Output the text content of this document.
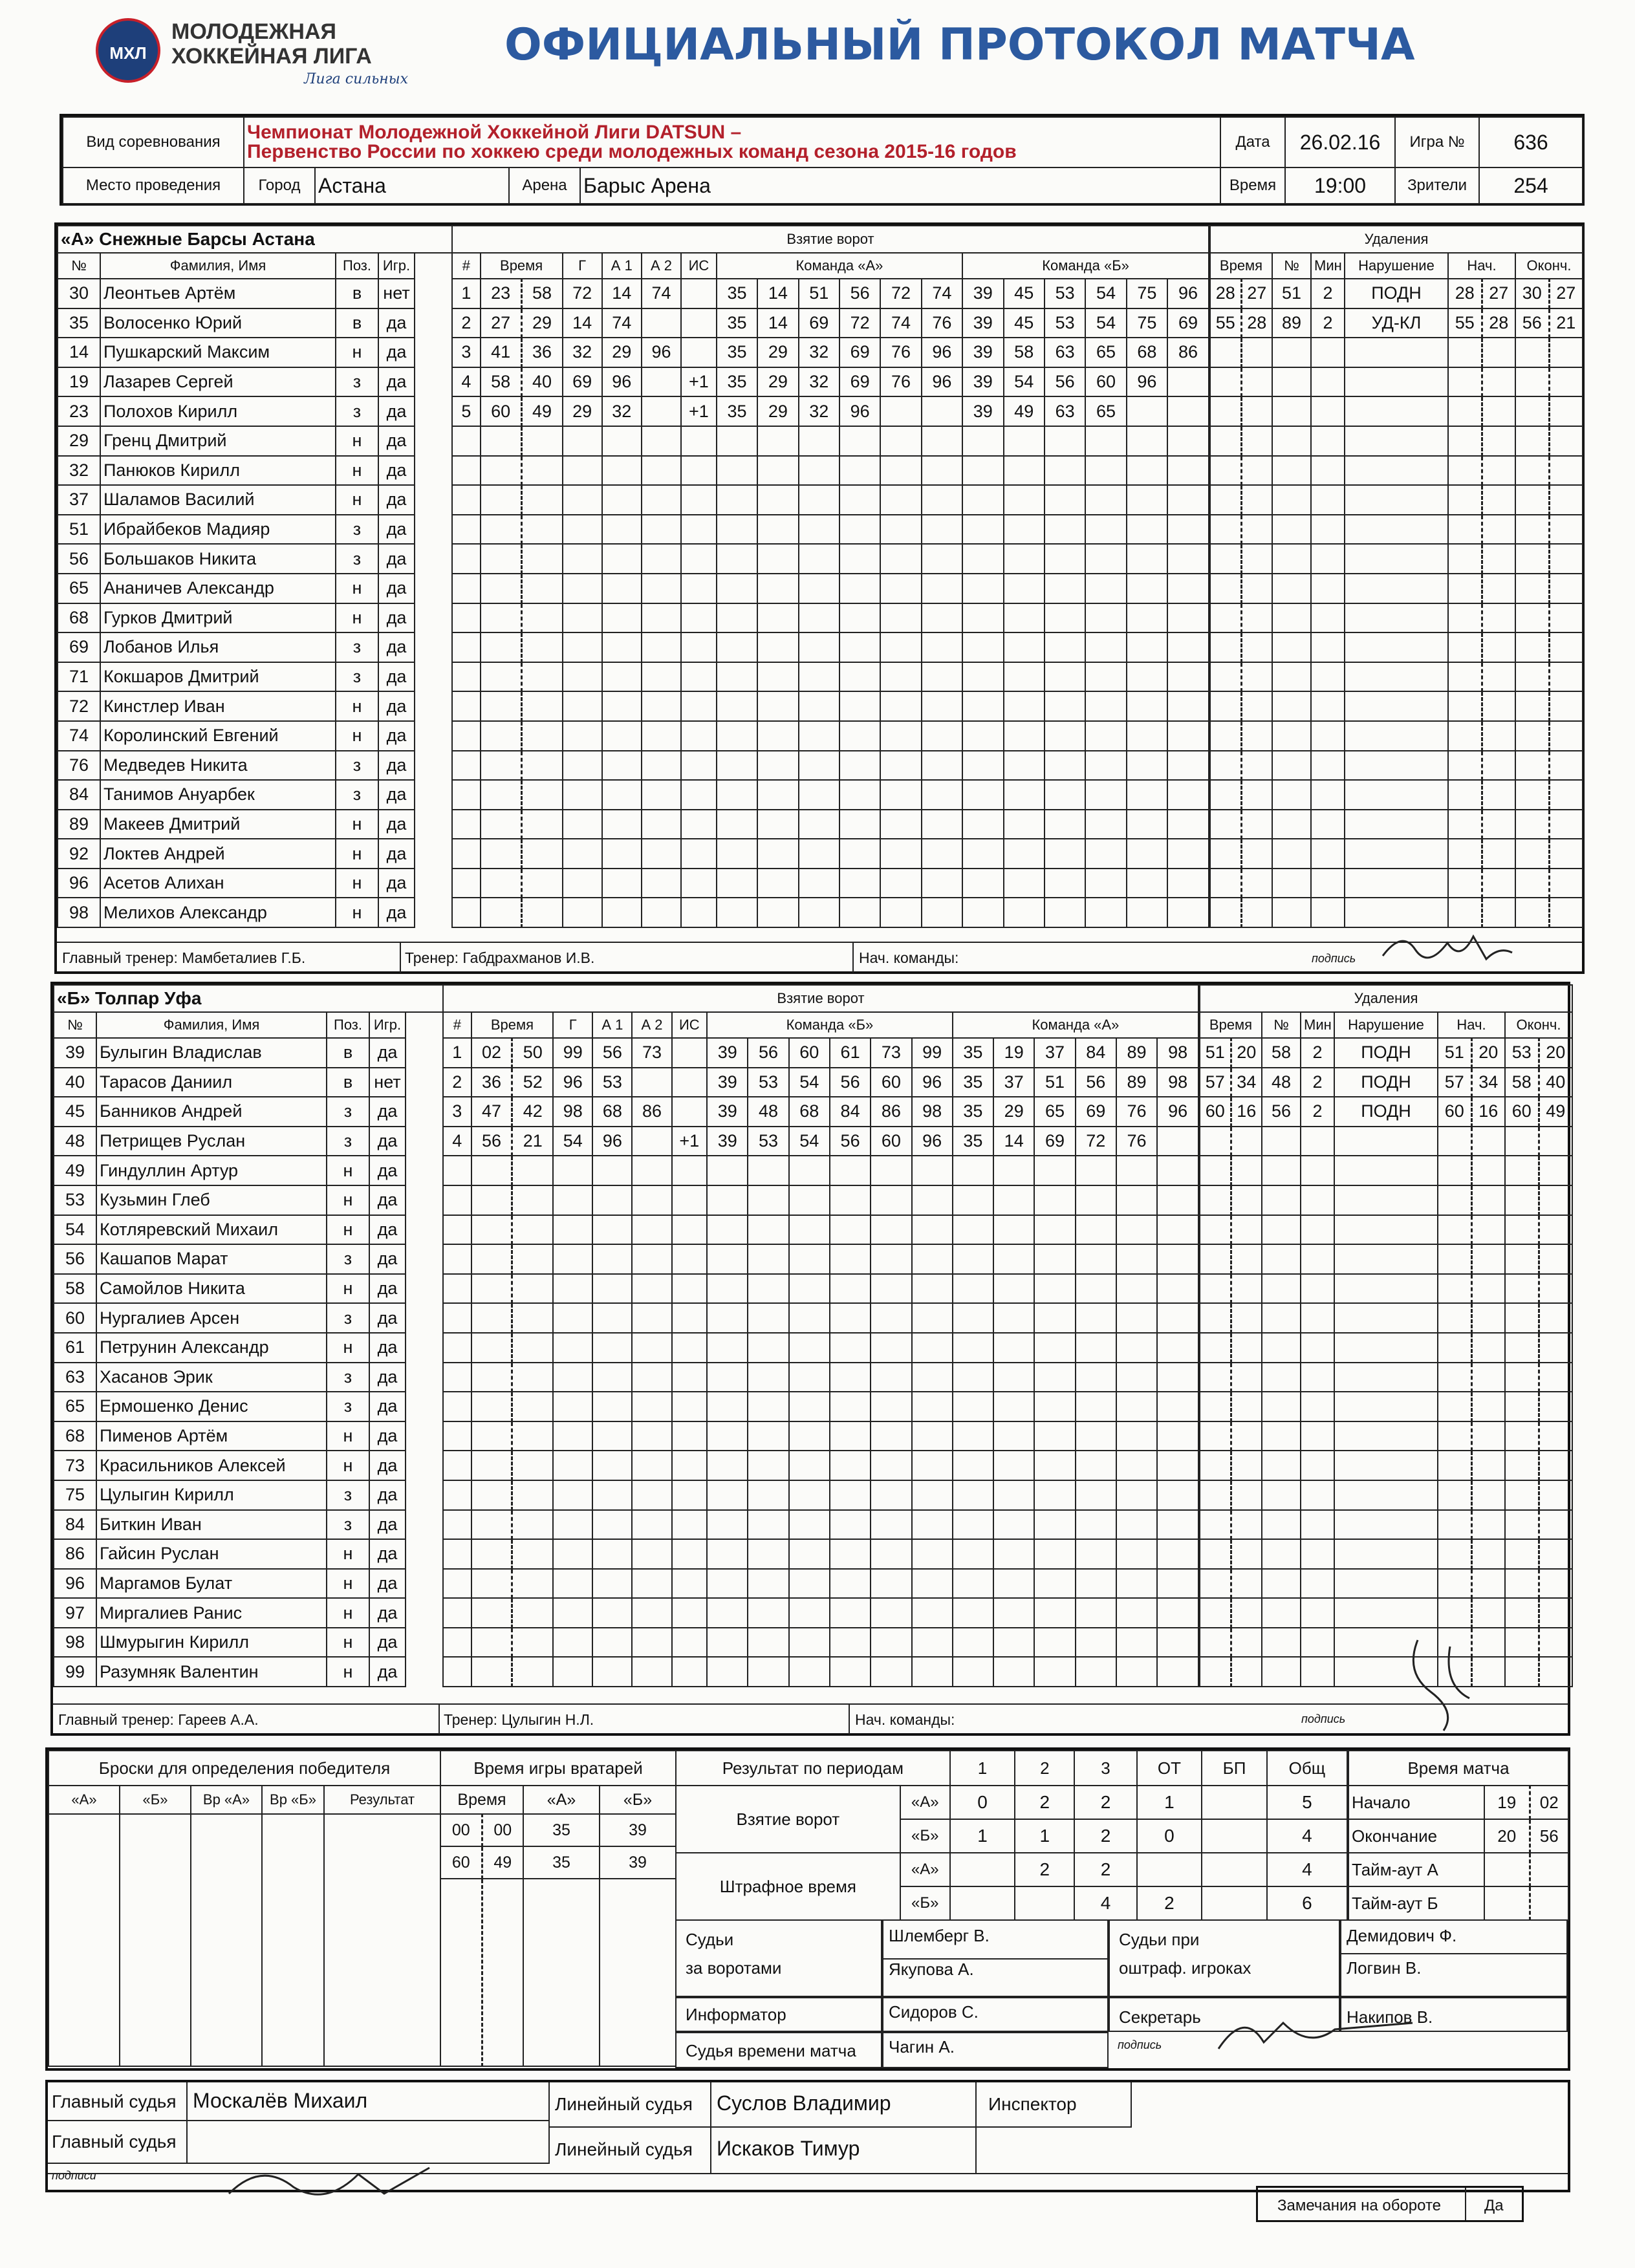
МХЛ
МОЛОДЕЖНАЯ
ХОККЕЙНАЯ ЛИГА
Лига сильных
ОФИЦИАЛЬНЫЙ ПРОТОКОЛ МАТЧА
Вид соревнования	Чемпионат Молодежной Хоккейной Лиги DATSUN –
Первенство России по хоккею среди молодежных команд сезона 2015-16 годов				Дата	26.02.16	Игра №	636
Место проведения	Город	Астана	Арена	Барыс Арена	Время	19:00	Зрители	254
«А» Снежные Барсы Астана			
№	Фамилия, Имя		Поз.	Игр.
30	Леонтьев Артём		в	нет
35	Волосенко Юрий		в	да
14	Пушкарский Максим		н	да
19	Лазарев Сергей		з	да
23	Полохов Кирилл		з	да
29	Гренц Дмитрий		н	да
32	Панюков Кирилл		н	да
37	Шаламов Василий		н	да
51	Ибрайбеков Мадияр		з	да
56	Большаков Никита		з	да
65	Ананичев Александр		н	да
68	Гурков Дмитрий		н	да
69	Лобанов Илья		з	да
71	Кокшаров Дмитрий		з	да
72	Кинстлер Иван		н	да
74	Королинский Евгений		н	да
76	Медведев Никита		з	да
84	Танимов Ануарбек		з	да
89	Макеев Дмитрий		н	да
92	Локтев Андрей		н	да
96	Асетов Алихан		н	да
98	Мелихов Александр		н	да
Взятие ворот																		
#	Время		Г	А 1	А 2	ИС	Команда «А»						Команда «Б»					
1	23	58	72	14	74		35	14	51	56	72	74	39	45	53	54	75	96
2	27	29	14	74			35	14	69	72	74	76	39	45	53	54	75	69
3	41	36	32	29	96		35	29	32	69	76	96	39	58	63	65	68	86
4	58	40	69	96		+1	35	29	32	69	76	96	39	54	56	60	96	
5	60	49	29	32		+1	35	29	32	96			39	49	63	65		

Удаления								
Время		№	Мин	Нарушение	Нач.		Оконч.	
28	27	51	2	ПОДН	28	27	30	27
55	28	89	2	УД-КЛ	55	28	56	21

Главный тренер: Мамбеталиев Г.Б.	Тренер: Габдрахманов И.В.	Нач. команды:	подпись
«Б» Толпар Уфа			
№	Фамилия, Имя		Поз.	Игр.
39	Булыгин Владислав		в	да
40	Тарасов Даниил		в	нет
45	Банников Андрей		з	да
48	Петрищев Руслан		з	да
49	Гиндуллин Артур		н	да
53	Кузьмин Глеб		н	да
54	Котляревский Михаил		н	да
56	Кашапов Марат		з	да
58	Самойлов Никита		н	да
60	Нургалиев Арсен		з	да
61	Петрунин Александр		н	да
63	Хасанов Эрик		з	да
65	Ермошенко Денис		з	да
68	Пименов Артём		н	да
73	Красильников Алексей		н	да
75	Цулыгин Кирилл		з	да
84	Биткин Иван		з	да
86	Гайсин Руслан		н	да
96	Маргамов Булат		н	да
97	Миргалиев Ранис		н	да
98	Шмурыгин Кирилл		н	да
99	Разумняк Валентин		н	да
Взятие ворот																		
#	Время		Г	А 1	А 2	ИС	Команда «Б»						Команда «А»					
1	02	50	99	56	73		39	56	60	61	73	99	35	19	37	84	89	98
2	36	52	96	53			39	53	54	56	60	96	35	37	51	56	89	98
3	47	42	98	68	86		39	48	68	84	86	98	35	29	65	69	76	96
4	56	21	54	96		+1	39	53	54	56	60	96	35	14	69	72	76	

Удаления								
Время		№	Мин	Нарушение	Нач.		Оконч.	
51	20	58	2	ПОДН	51	20	53	20
57	34	48	2	ПОДН	57	34	58	40
60	16	56	2	ПОДН	60	16	60	49

Главный тренер: Гареев А.А.	Тренер: Цулыгин Н.Л.	Нач. команды:	подпись
Броски для определения победителя				
«А»	«Б»	Вр «А»	Вр «Б»	Результат

Время игры вратарей			
Время		«А»	«Б»
00	00	35	39
60	49	35	39

Результат по периодам		1	2	3	ОТ	БП	Общ
Взятие ворот	«А»	0	2	2	1		5
	«Б»	1	1	2	0		4
Штрафное время	«А»		2	2			4
	«Б»			4	2		6
Время матча		
Начало	19	02
Окончание	20	56
Тайм-аут А		
Тайм-аут Б		
Судьи
за воротами
Шлемберг В.
Якупова А.
Судьи при
оштраф. игроках
Демидович Ф.
Логвин В.
Информатор	Сидоров С.	Секретарь	Накипов В.
Судья времени матча Чагин А.	подпись
Главный судья Москалёв Михаил
Главный судья
подписи
Линейный судья Суслов Владимир
Линейный судья Искаков Тимур
Инспектор
Замечания на обороте	Да
